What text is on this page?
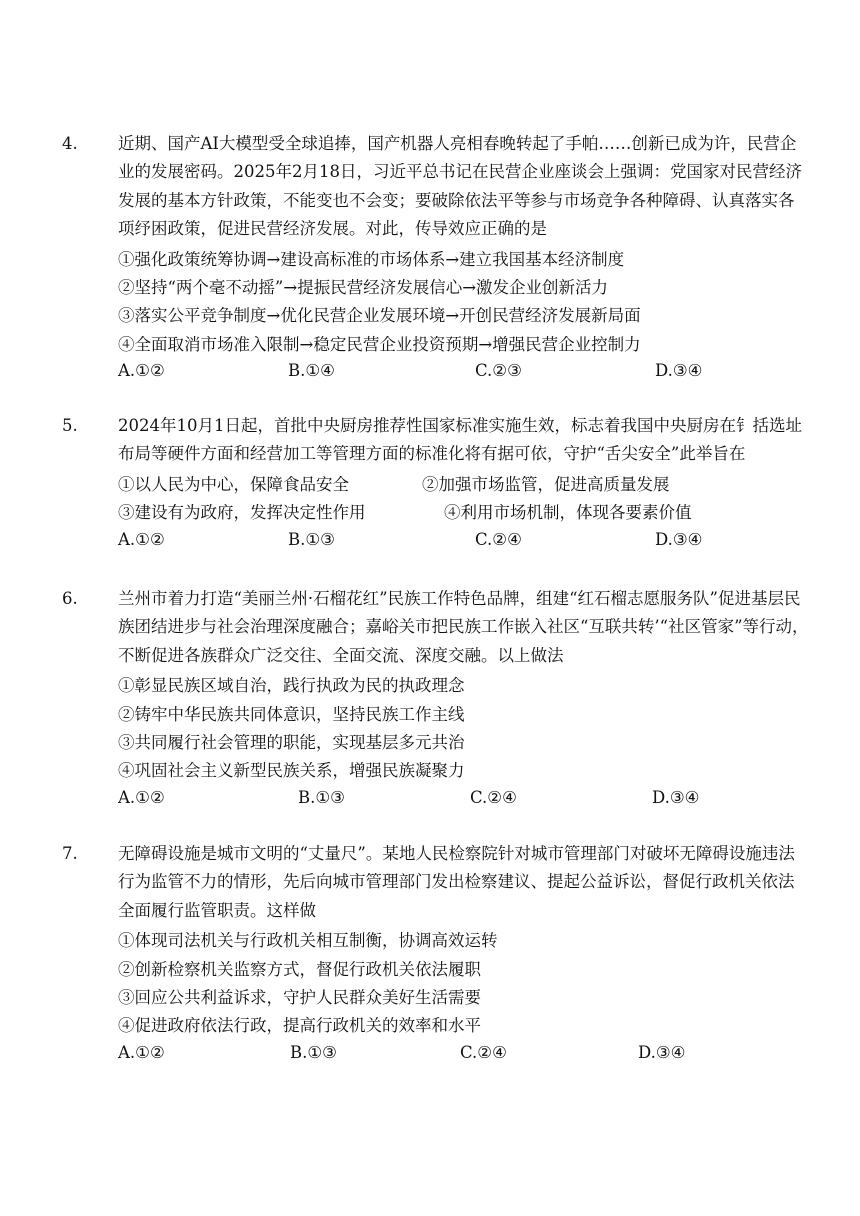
4. 近期、国产AI大模型受全球追捧，国产机器人亮相春晚转起了手帕……创新已成为许，民营企业的发展密码。2025年2月18日，习近平总书记在民营企业座谈会上强调：党国家对民营经济发展的基本方针政策，不能变也不会变；要破除依法平等参与市场竞争各种障碍、认真落实各项纾困政策，促进民营经济发展。对此，传导效应正确的是
①强化政策统筹协调→建设高标准的市场体系→建立我国基本经济制度
②坚持“两个毫不动摇”→提振民营经济发展信心→激发企业创新活力
③落实公平竞争制度→优化民营企业发展环境→开创民营经济发展新局面
④全面取消市场准入限制→稳定民营企业投资预期→增强民营企业控制力
A.①②	B.①④	C.②③	D.③④
5. 2024年10月1日起，首批中央厨房推荐性国家标准实施生效，标志着我国中央厨房在钅括选址布局等硬件方面和经营加工等管理方面的标准化将有据可依，守护“舌尖安全”此举旨在
①以人民为中心，保障食品安全	②加强市场监管，促进高质量发展
③建设有为政府，发挥决定性作用	④利用市场机制，体现各要素价值
A.①②	B.①③	C.②④	D.③④
6. 兰州市着力打造“美丽兰州·石榴花红”民族工作特色品牌，组建“红石榴志愿服务队”促进基层民族团结进步与社会治理深度融合；嘉峪关市把民族工作嵌入社区“互联共转’“社区管家”等行动，不断促进各族群众广泛交往、全面交流、深度交融。以上做法
①彰显民族区域自治，践行执政为民的执政理念
②铸牢中华民族共同体意识，坚持民族工作主线
③共同履行社会管理的职能，实现基层多元共治
④巩固社会主义新型民族关系，增强民族凝聚力
A.①②	B.①③	C.②④	D.③④
7. 无障碍设施是城市文明的“丈量尺”。某地人民检察院针对城市管理部门对破坏无障碍设施违法行为监管不力的情形，先后向城市管理部门发出检察建议、提起公益诉讼，督促行政机关依法全面履行监管职责。这样做
①体现司法机关与行政机关相互制衡，协调高效运转
②创新检察机关监察方式，督促行政机关依法履职
③回应公共利益诉求，守护人民群众美好生活需要
④促进政府依法行政，提高行政机关的效率和水平
A.①②	B.①③	C.②④	D.③④
